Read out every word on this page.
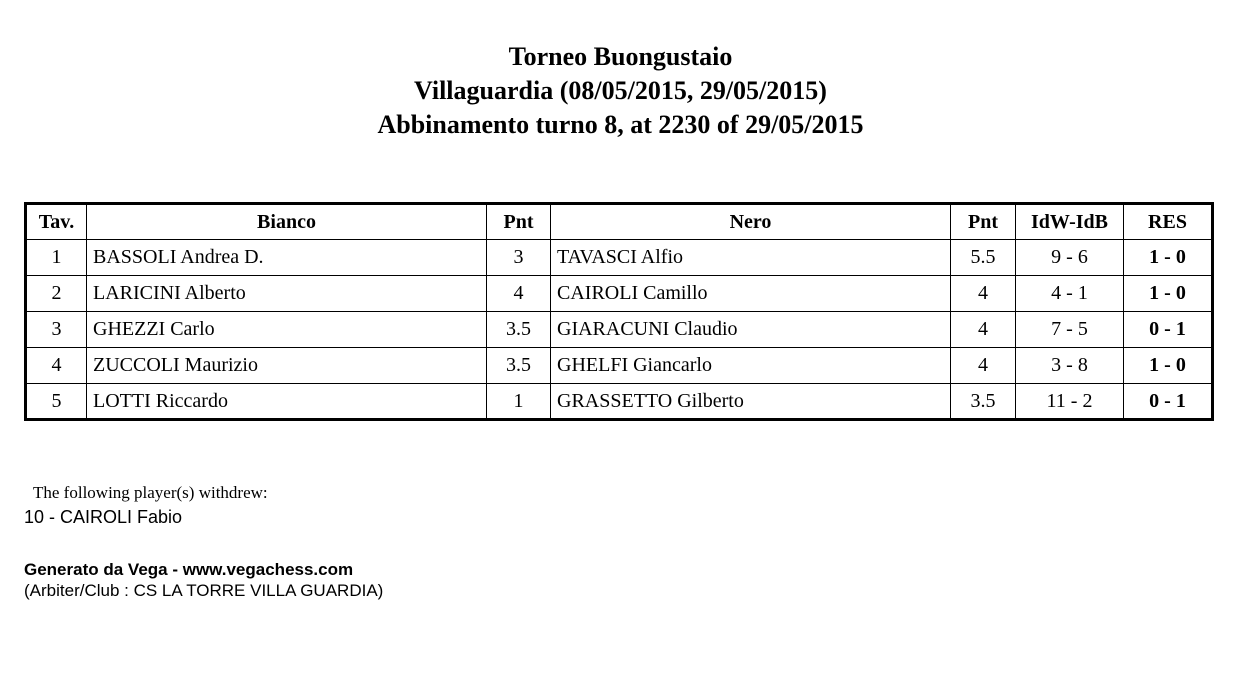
Torneo Buongustaio
Villaguardia (08/05/2015, 29/05/2015)
Abbinamento turno 8, at 2230 of 29/05/2015
Tav.	Bianco	Pnt	Nero	Pnt	IdW-IdB	RES
1	BASSOLI Andrea D.	3	TAVASCI Alfio	5.5	9 - 6	1 - 0
2	LARICINI Alberto	4	CAIROLI Camillo	4	4 - 1	1 - 0
3	GHEZZI Carlo	3.5	GIARACUNI Claudio	4	7 - 5	0 - 1
4	ZUCCOLI Maurizio	3.5	GHELFI Giancarlo	4	3 - 8	1 - 0
5	LOTTI Riccardo	1	GRASSETTO Gilberto	3.5	11 - 2	0 - 1
The following player(s) withdrew:
10 - CAIROLI Fabio
Generato da Vega - www.vegachess.com
(Arbiter/Club : CS LA TORRE VILLA GUARDIA)
